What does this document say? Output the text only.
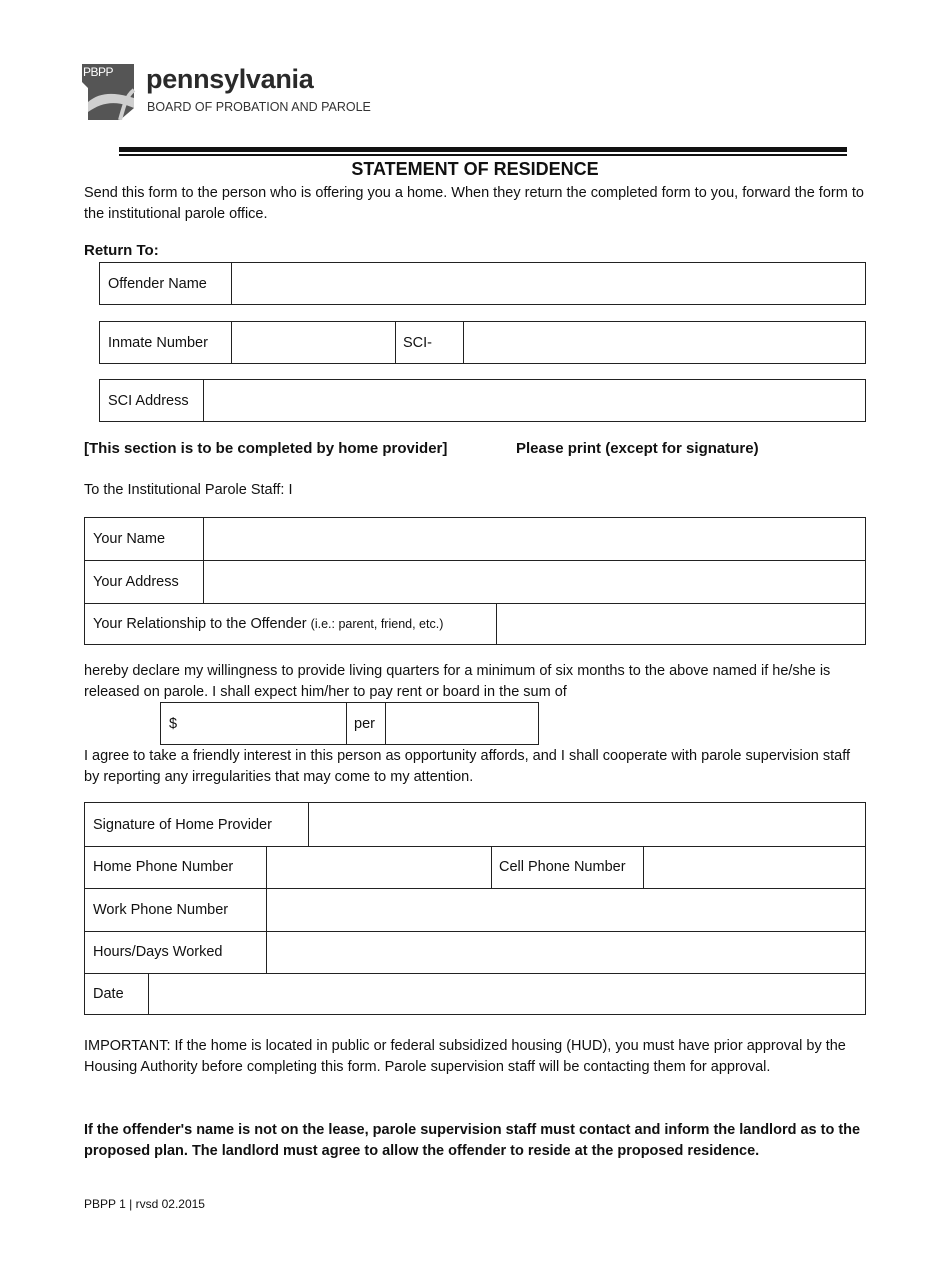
PBPP pennsylvania
BOARD OF PROBATION AND PAROLE
STATEMENT OF RESIDENCE
Send this form to the person who is offering you a home. When they return the completed form to you, forward the form to the institutional parole office.
Return To:
Offender Name
Inmate Number	SCI-
SCI Address
[This section is to be completed by home provider]	Please print (except for signature)
To the Institutional Parole Staff: I
Your Name
Your Address
Your Relationship to the Offender
(i.e.: parent, friend, etc.)
hereby declare my willingness to provide living quarters for a minimum of six months to the above named if he/she is released on parole. I shall expect him/her to pay rent or board in the sum of
$	per
I agree to take a friendly interest in this person as opportunity affords, and I shall cooperate with parole supervision staff by reporting any irregularities that may come to my attention.
Signature of Home Provider
Home Phone Number	Cell Phone Number
Work Phone Number
Hours/Days Worked
Date
IMPORTANT: If the home is located in public or federal subsidized housing (HUD), you must have prior approval by the Housing Authority before completing this form. Parole supervision staff will be contacting them for approval.
If the offender's name is not on the lease, parole supervision staff must contact and inform the landlord as to the proposed plan. The landlord must agree to allow the offender to reside at the proposed residence.
PBPP 1 | rvsd 02.2015
